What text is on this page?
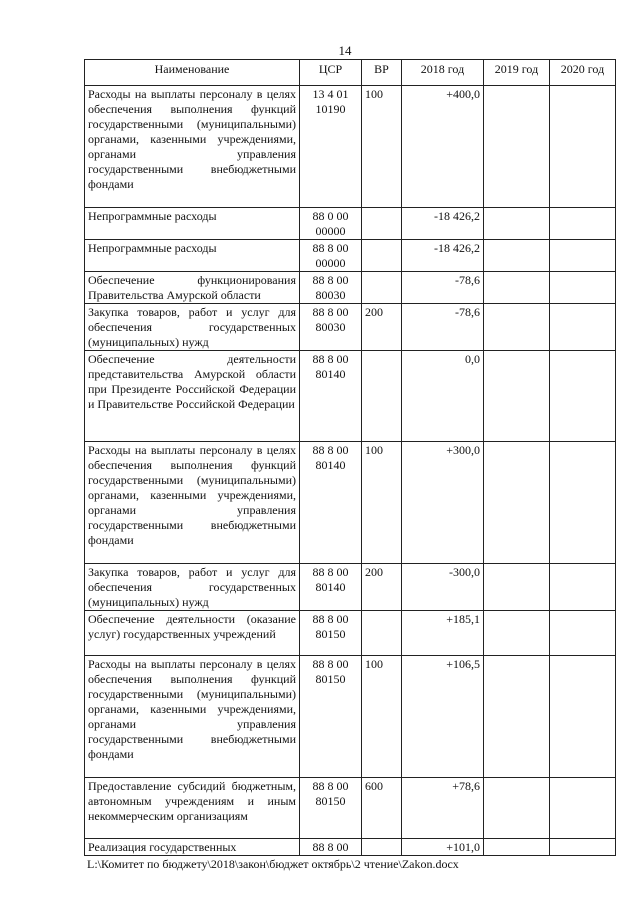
14
Наименование	ЦСР	ВР	2018 год	2019 год	2020 год
Расходы на выплаты персоналу в целях обеспечения выполнения функций государственными (муниципальными) органами, казенными учреждениями, органами управления государственными внебюджетными фондами	13 4 01 10190	100	+400,0		
Непрограммные расходы	88 0 00 00000		-18 426,2		
Непрограммные расходы	88 8 00 00000		-18 426,2		
Обеспечение функционирования Правительства Амурской области	88 8 00 80030		-78,6		
Закупка товаров, работ и услуг для обеспечения государственных (муниципальных) нужд	88 8 00 80030	200	-78,6		
Обеспечение деятельности представительства Амурской области при Президенте Российской Федерации и Правительстве Российской Федерации	88 8 00 80140		0,0		
Расходы на выплаты персоналу в целях обеспечения выполнения функций государственными (муниципальными) органами, казенными учреждениями, органами управления государственными внебюджетными фондами	88 8 00 80140	100	+300,0		
Закупка товаров, работ и услуг для обеспечения государственных (муниципальных) нужд	88 8 00 80140	200	-300,0		
Обеспечение деятельности (оказание услуг) государственных учреждений	88 8 00 80150		+185,1		
Расходы на выплаты персоналу в целях обеспечения выполнения функций государственными (муниципальными) органами, казенными учреждениями, органами управления государственными внебюджетными фондами	88 8 00 80150	100	+106,5		
Предоставление субсидий бюджетным, автономным учреждениям и иным некоммерческим организациям	88 8 00 80150	600	+78,6		
Реализация государственных	88 8 00		+101,0		
L:\Комитет по бюджету\2018\закон\бюджет октябрь\2 чтение\Zakon.docx
